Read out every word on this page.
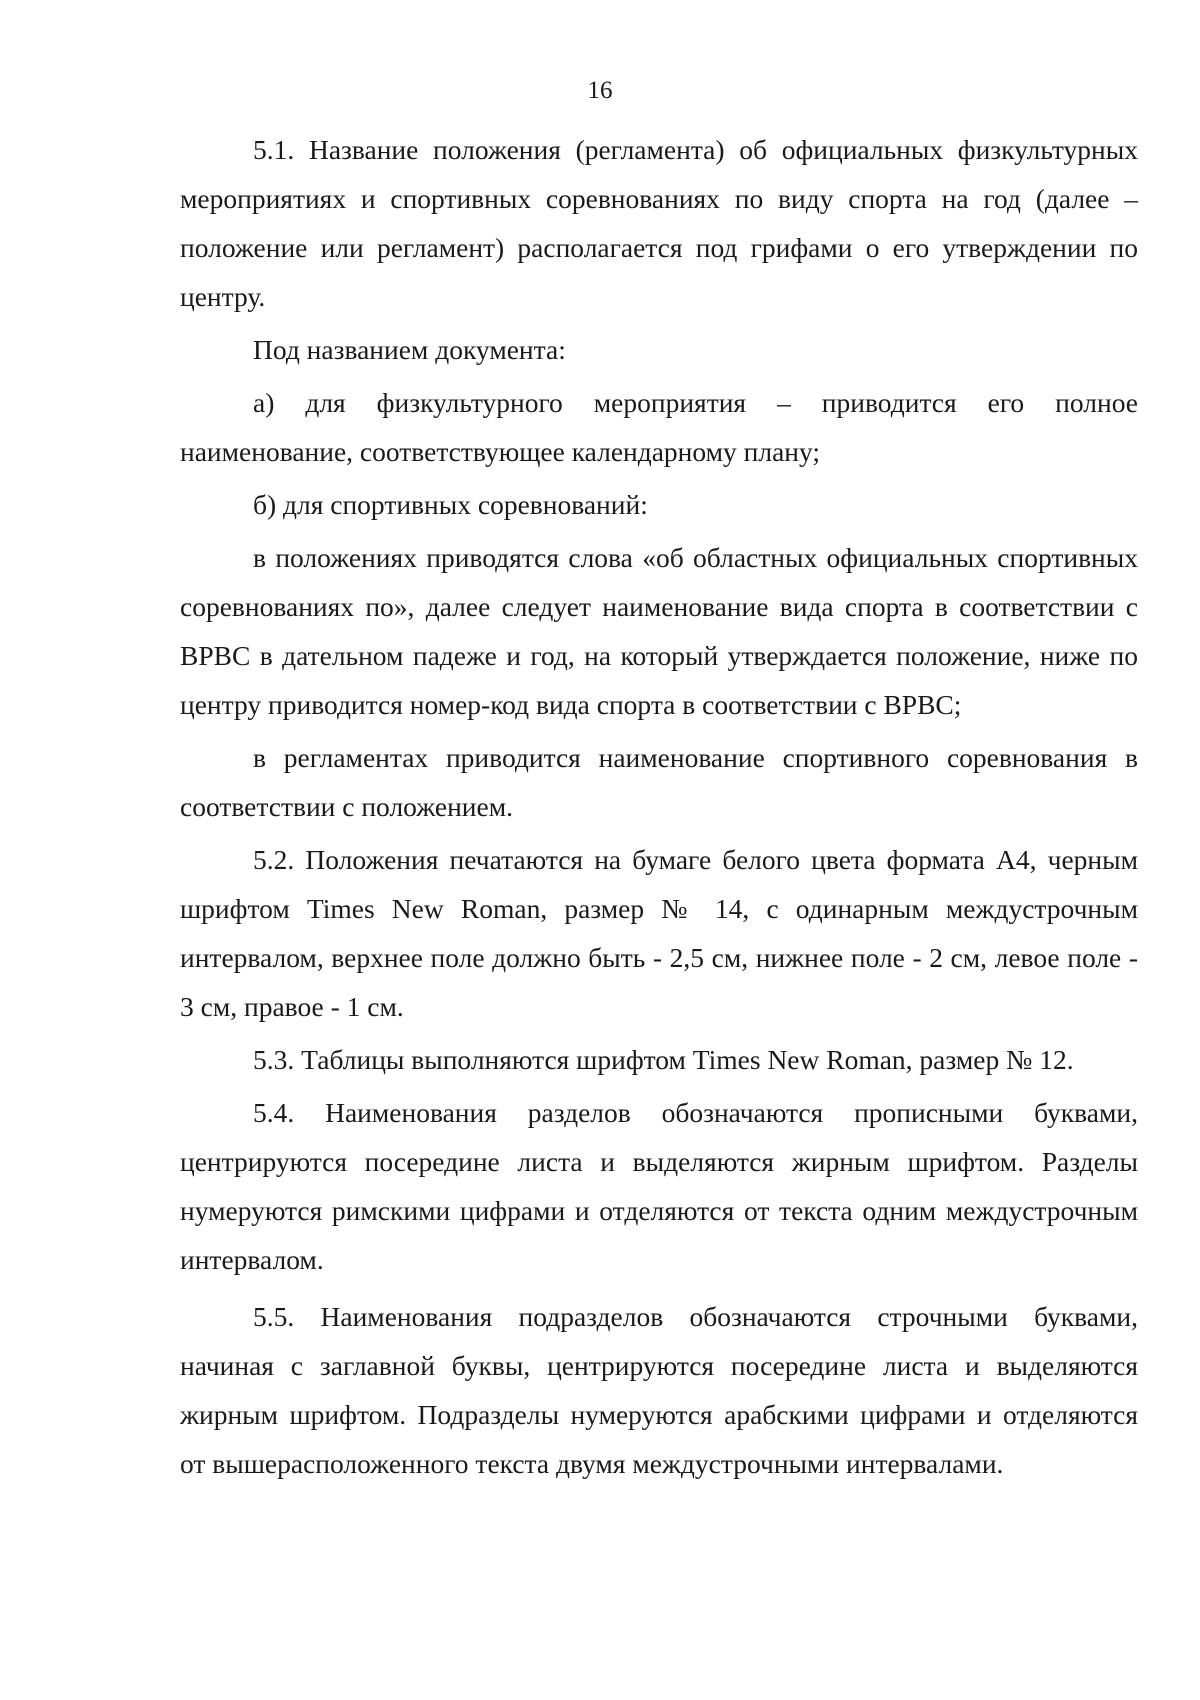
16

5.1. Название положения (регламента) об официальных физкультурных мероприятиях и спортивных соревнованиях по виду спорта на год (далее – положение или регламент) располагается под грифами о его утверждении по центру.

Под названием документа:

а) для физкультурного мероприятия – приводится его полное наименование, соответствующее календарному плану;

б) для спортивных соревнований:

в положениях приводятся слова «об областных официальных спортивных соревнованиях по», далее следует наименование вида спорта в соответствии с ВРВС в дательном падеже и год, на который утверждается положение, ниже по центру приводится номер-код вида спорта в соответствии с ВРВС;

в регламентах приводится наименование спортивного соревнования в соответствии с положением.

5.2. Положения печатаются на бумаге белого цвета формата А4, черным шрифтом Times New Roman, размер № 14, с одинарным междустрочным интервалом, верхнее поле должно быть - 2,5 см, нижнее поле - 2 см, левое поле - 3 см, правое - 1 см.

5.3. Таблицы выполняются шрифтом Times New Roman, размер № 12.

5.4. Наименования разделов обозначаются прописными буквами, центрируются посередине листа и выделяются жирным шрифтом. Разделы нумеруются римскими цифрами и отделяются от текста одним междустрочным интервалом.

5.5. Наименования подразделов обозначаются строчными буквами, начиная с заглавной буквы, центрируются посередине листа и выделяются жирным шрифтом. Подразделы нумеруются арабскими цифрами и отделяются от вышерасположенного текста двумя междустрочными интервалами.
